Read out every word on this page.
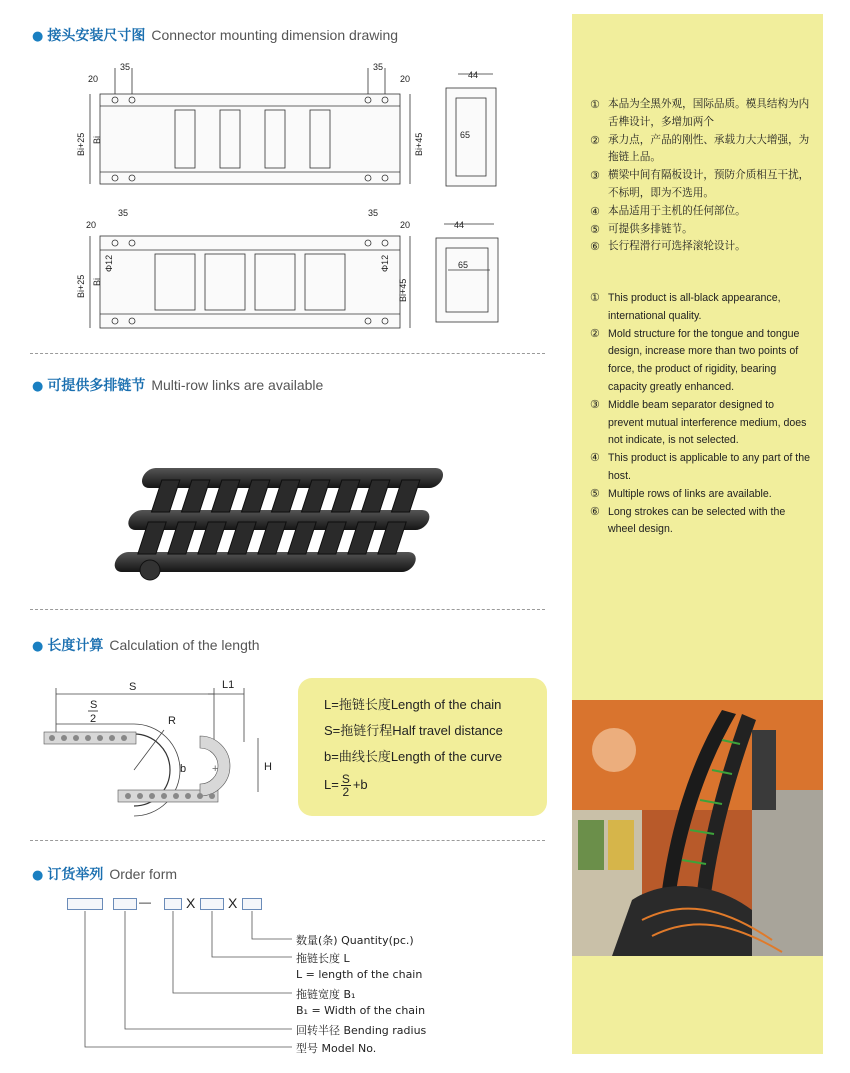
● 接头安装尺寸图 Connector mounting dimension drawing
20
35	35
20
Bi+25 Bi	Bi+45
44
65
20
35	35
20
Bi+25 Bi
Φ12	Φ12
Bi+45
44
65
● 可提供多排链节 Multi-row links are available
● 长度计算 Calculation of the length
S
S
2	R
b
L1
H
+
L=拖链长度Length of the chain
S=拖链行程Half travel distance
b=曲线长度Length of the curve
$L= \frac{S}{2} +b$
● 订货举列 Order form
—	X X
数量(条) Quantity(pc.)
拖链长度 L
L = length of the chain
拖链宽度 B₁
B₁ = Width of the chain
回转半径 Bending radius
型号 Model No.
① 本品为全黑外观，国际品质。模具结构为内舌榫设计，多增加两个
② 承力点，产品的刚性、承载力大大增强，为拖链上品。
③ 横梁中间有隔板设计，预防介质相互干扰，不标明，即为不选用。
④ 本品适用于主机的任何部位。
⑤ 可提供多排链节。
⑥ 长行程滑行可选择滚轮设计。
① This product is all-black appearance, international quality.
② Mold structure for the tongue and tongue design, increase more than two points of force, the product of rigidity, bearing capacity greatly enhanced.
③ Middle beam separator designed to prevent mutual interference medium, does not indicate, is not selected.
④ This product is applicable to any part of the host.
⑤ Multiple rows of links are available.
⑥ Long strokes can be selected with the wheel design.
